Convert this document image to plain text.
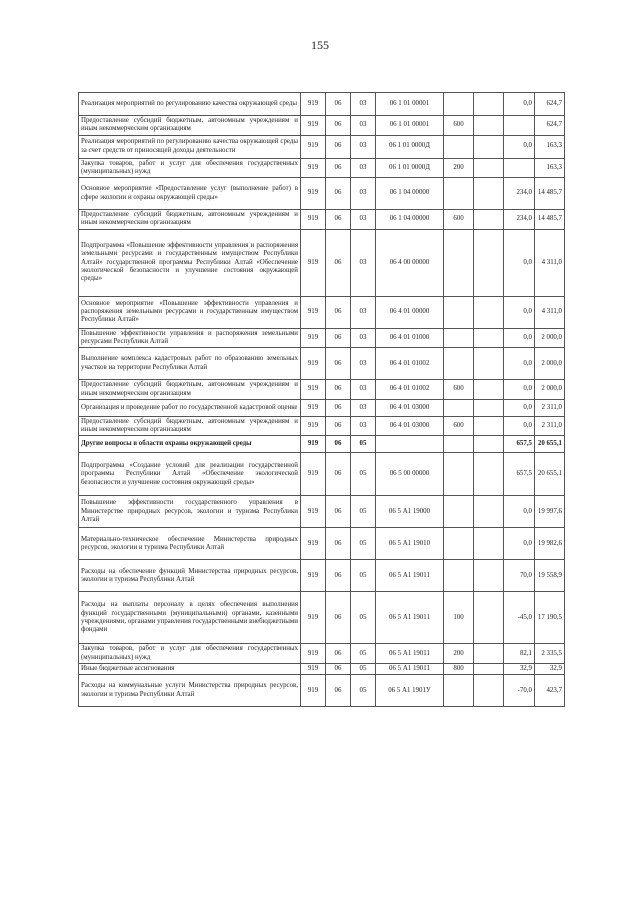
155
Реализация мероприятий по регулированию качества окружающей среды	919	06	03	06 1 01 00001			0,0	624,7
Предоставление субсидий бюджетным, автономным учреждениям и иным некоммерческим организациям	919	06	03	06 1 01 00001	600			624,7
Реализация мероприятий по регулированию качества окружающей среды за счет средств от приносящей доходы деятельности	919	06	03	06 1 01 0000Д			0,0	163,3
Закупка товаров, работ и услуг для обеспечения государственных (муниципальных) нужд	919	06	03	06 1 01 0000Д	200			163,3
Основное мероприятие «Предоставление услуг (выполнение работ) в сфере экологии и охраны окружающей среды»	919	06	03	06 1 04 00000			234,0	14 485,7
Предоставление субсидий бюджетным, автономным учреждениям и иным некоммерческим организациям	919	06	03	06 1 04 00000	600		234,0	14 485,7
Подпрограмма «Повышение эффективности управления и распоряжения земельными ресурсами и государственным имуществом Республики Алтай» государственной программы Республики Алтай «Обеспечение экологической безопасности и улучшение состояния окружающей среды»	919	06	03	06 4 00 00000			0,0	4 311,0
Основное мероприятие «Повышение эффективности управления и распоряжения земельными ресурсами и государственным имуществом Республики Алтай»	919	06	03	06 4 01 00000			0,0	4 311,0
Повышение эффективности управления и распоряжения земельными ресурсами Республики Алтай	919	06	03	06 4 01 01000			0,0	2 000,0
Выполнение комплекса кадастровых работ по образованию земельных участков на территории Республики Алтай	919	06	03	06 4 01 01002			0,0	2 000,0
Предоставление субсидий бюджетным, автономным учреждениям и иным некоммерческим организациям	919	06	03	06 4 01 01002	600		0,0	2 000,0
Организация и проведение работ по государственной кадастровой оценке	919	06	03	06 4 01 03000			0,0	2 311,0
Предоставление субсидий бюджетным, автономным учреждениям и иным некоммерческим организациям	919	06	03	06 4 01 03000	600		0,0	2 311,0
Другие вопросы в области охраны окружающей среды	919	06	05				657,5	20 655,1
Подпрограмма «Создание условий для реализации государственной программы Республики Алтай «Обеспечение экологической безопасности и улучшение состояния окружающей среды»	919	06	05	06 5 00 00000			657,5	20 655,1
Повышение эффективности государственного управления в Министерстве природных ресурсов, экологии и туризма Республики Алтай	919	06	05	06 5 А1 19000			0,0	19 997,6
Материально-техническое обеспечение Министерства природных ресурсов, экологии и туризма Республики Алтай	919	06	05	06 5 А1 19010			0,0	19 982,6
Расходы на обеспечение функций Министерства природных ресурсов, экологии и туризма Республики Алтай	919	06	05	06 5 А1 19011			70,0	19 558,9
Расходы на выплаты персоналу в целях обеспечения выполнения функций государственными (муниципальными) органами, казенными учреждениями, органами управления государственными внебюджетными фондами	919	06	05	06 5 А1 19011	100		-45,0	17 190,5
Закупка товаров, работ и услуг для обеспечения государственных (муниципальных) нужд	919	06	05	06 5 А1 19011	200		82,1	2 335,5
Иные бюджетные ассигнования	919	06	05	06 5 А1 19011	800		32,9	32,9
Расходы на коммунальные услуги Министерства природных ресурсов, экологии и туризма Республики Алтай	919	06	05	06 5 А1 1901У			-70,0	423,7
